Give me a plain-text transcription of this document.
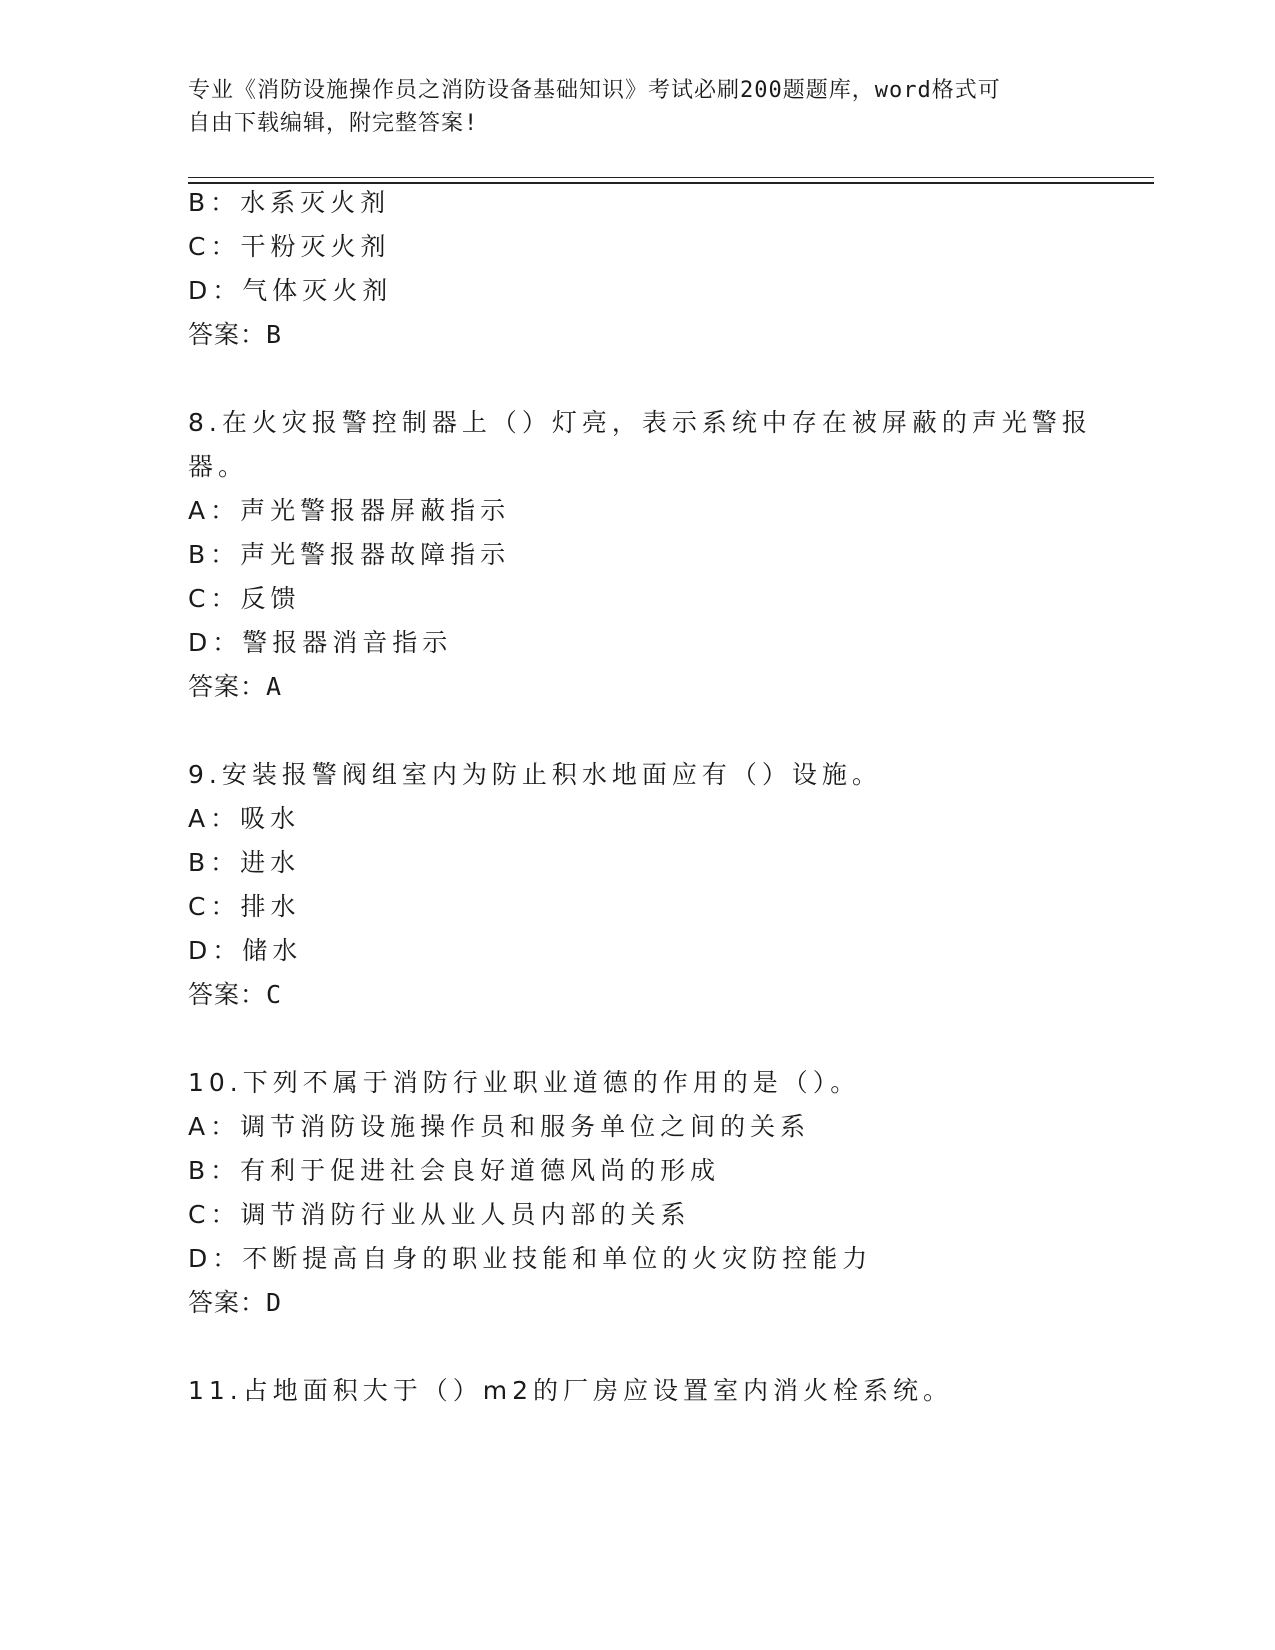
专业《消防设施操作员之消防设备基础知识》考试必刷200题题库，word格式可
自由下载编辑，附完整答案!
B：水系灭火剂
C：干粉灭火剂
D：气体灭火剂
答案：B
8.在火灾报警控制器上（）灯亮，表示系统中存在被屏蔽的声光警报
器。
A：声光警报器屏蔽指示
B：声光警报器故障指示
C：反馈
D：警报器消音指示
答案：A
9.安装报警阀组室内为防止积水地面应有（）设施。
A：吸水
B：进水
C：排水
D：储水
答案：C
10.下列不属于消防行业职业道德的作用的是（）。
A：调节消防设施操作员和服务单位之间的关系
B：有利于促进社会良好道德风尚的形成
C：调节消防行业从业人员内部的关系
D：不断提高自身的职业技能和单位的火灾防控能力
答案：D
11.占地面积大于（）m2的厂房应设置室内消火栓系统。
